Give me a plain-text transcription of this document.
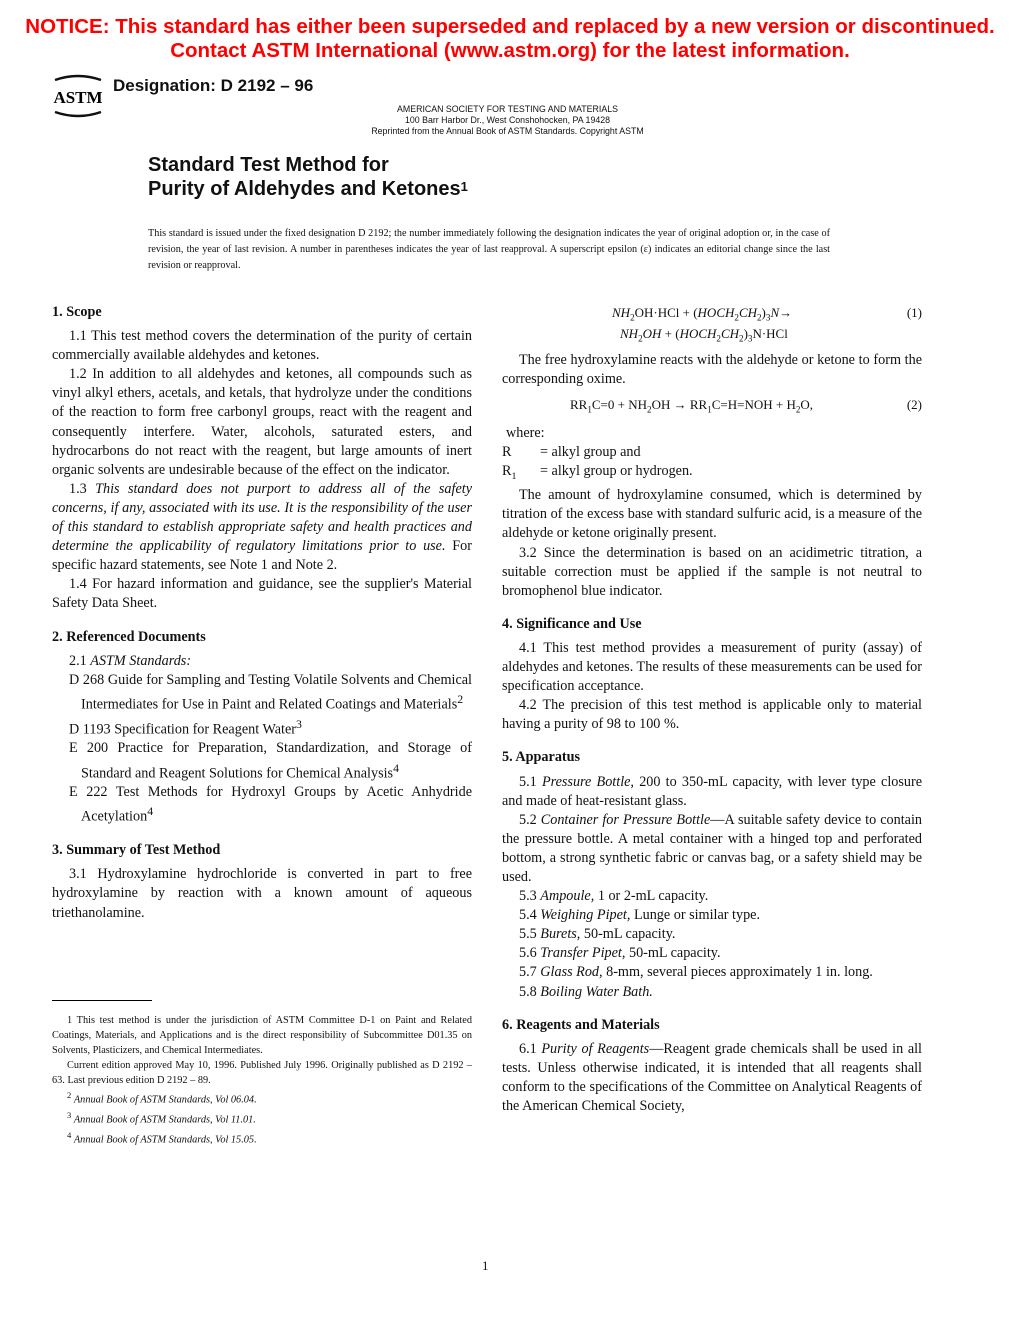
NOTICE: This standard has either been superseded and replaced by a new version or discontinued.
Contact ASTM International (www.astm.org) for the latest information.
ASTM
Designation: D 2192 – 96
AMERICAN SOCIETY FOR TESTING AND MATERIALS
100 Barr Harbor Dr., West Conshohocken, PA 19428
Reprinted from the Annual Book of ASTM Standards. Copyright ASTM
Standard Test Method for
Purity of Aldehydes and Ketones$^1$
This standard is issued under the fixed designation D 2192; the number immediately following the designation indicates the year of original adoption or, in the case of revision, the year of last revision. A number in parentheses indicates the year of last reapproval. A superscript epsilon (ε) indicates an editorial change since the last revision or reapproval.

1. Scope

1.1 This test method covers the determination of the purity of certain commercially available aldehydes and ketones.

1.2 In addition to all aldehydes and ketones, all compounds such as vinyl alkyl ethers, acetals, and ketals, that hydrolyze under the conditions of the reaction to form free carbonyl groups, react with the reagent and consequently interfere. Water, alcohols, saturated esters, and hydrocarbons do not react with the reagent, but large amounts of inert organic solvents are undesirable because of the effect on the indicator.

1.3 This standard does not purport to address all of the safety concerns, if any, associated with its use. It is the responsibility of the user of this standard to establish appropriate safety and health practices and determine the applicability of regulatory limitations prior to use. For specific hazard statements, see Note 1 and Note 2.

1.4 For hazard information and guidance, see the supplier's Material Safety Data Sheet.

2. Referenced Documents

2.1 ASTM Standards:

D 268 Guide for Sampling and Testing Volatile Solvents and Chemical Intermediates for Use in Paint and Related Coatings and Materials$^2$

D 1193 Specification for Reagent Water$^3$

E 200 Practice for Preparation, Standardization, and Storage of Standard and Reagent Solutions for Chemical Analysis$^4$

E 222 Test Methods for Hydroxyl Groups by Acetic Anhydride Acetylation$^4$

3. Summary of Test Method

3.1 Hydroxylamine hydrochloride is converted in part to free hydroxylamine by reaction with a known amount of aqueous triethanolamine.

1 This test method is under the jurisdiction of ASTM Committee D-1 on Paint and Related Coatings, Materials, and Applications and is the direct responsibility of Subcommittee D01.35 on Solvents, Plasticizers, and Chemical Intermediates.

Current edition approved May 10, 1996. Published July 1996. Originally published as D 2192 – 63. Last previous edition D 2192 – 89.

$^2$ Annual Book of ASTM Standards, Vol 06.04.

$^3$ Annual Book of ASTM Standards, Vol 11.01.

$^4$ Annual Book of ASTM Standards, Vol 15.05.

$NH_2OH\cdot HCl$ + $(HOCH_2CH_2)_3N\to$	(1)
$NH_2OH$ + $(HOCH_2CH_2)_3N\cdot HCl$

The free hydroxylamine reacts with the aldehyde or ketone to form the corresponding oxime.

$RR_1C=0 + NH_2OH \to RR_1C=H=NOH + H_2O$,	(2)

where:

R	= alkyl group and

$R_1$	= alkyl group or hydrogen.

The amount of hydroxylamine consumed, which is determined by titration of the excess base with standard sulfuric acid, is a measure of the aldehyde or ketone originally present.

3.2 Since the determination is based on an acidimetric titration, a suitable correction must be applied if the sample is not neutral to bromophenol blue indicator.

4. Significance and Use

4.1 This test method provides a measurement of purity (assay) of aldehydes and ketones. The results of these measurements can be used for specification acceptance.

4.2 The precision of this test method is applicable only to material having a purity of 98 to 100 %.

5. Apparatus

5.1 Pressure Bottle, 200 to 350-mL capacity, with lever type closure and made of heat-resistant glass.

5.2 Container for Pressure Bottle—A suitable safety device to contain the pressure bottle. A metal container with a hinged top and perforated bottom, a strong synthetic fabric or canvas bag, or a safety shield may be used.

5.3 Ampoule, 1 or 2-mL capacity.

5.4 Weighing Pipet, Lunge or similar type.

5.5 Burets, 50-mL capacity.

5.6 Transfer Pipet, 50-mL capacity.

5.7 Glass Rod, 8-mm, several pieces approximately 1 in. long.

5.8 Boiling Water Bath.

6. Reagents and Materials

6.1 Purity of Reagents—Reagent grade chemicals shall be used in all tests. Unless otherwise indicated, it is intended that all reagents shall conform to the specifications of the Committee on Analytical Reagents of the American Chemical Society,

1
